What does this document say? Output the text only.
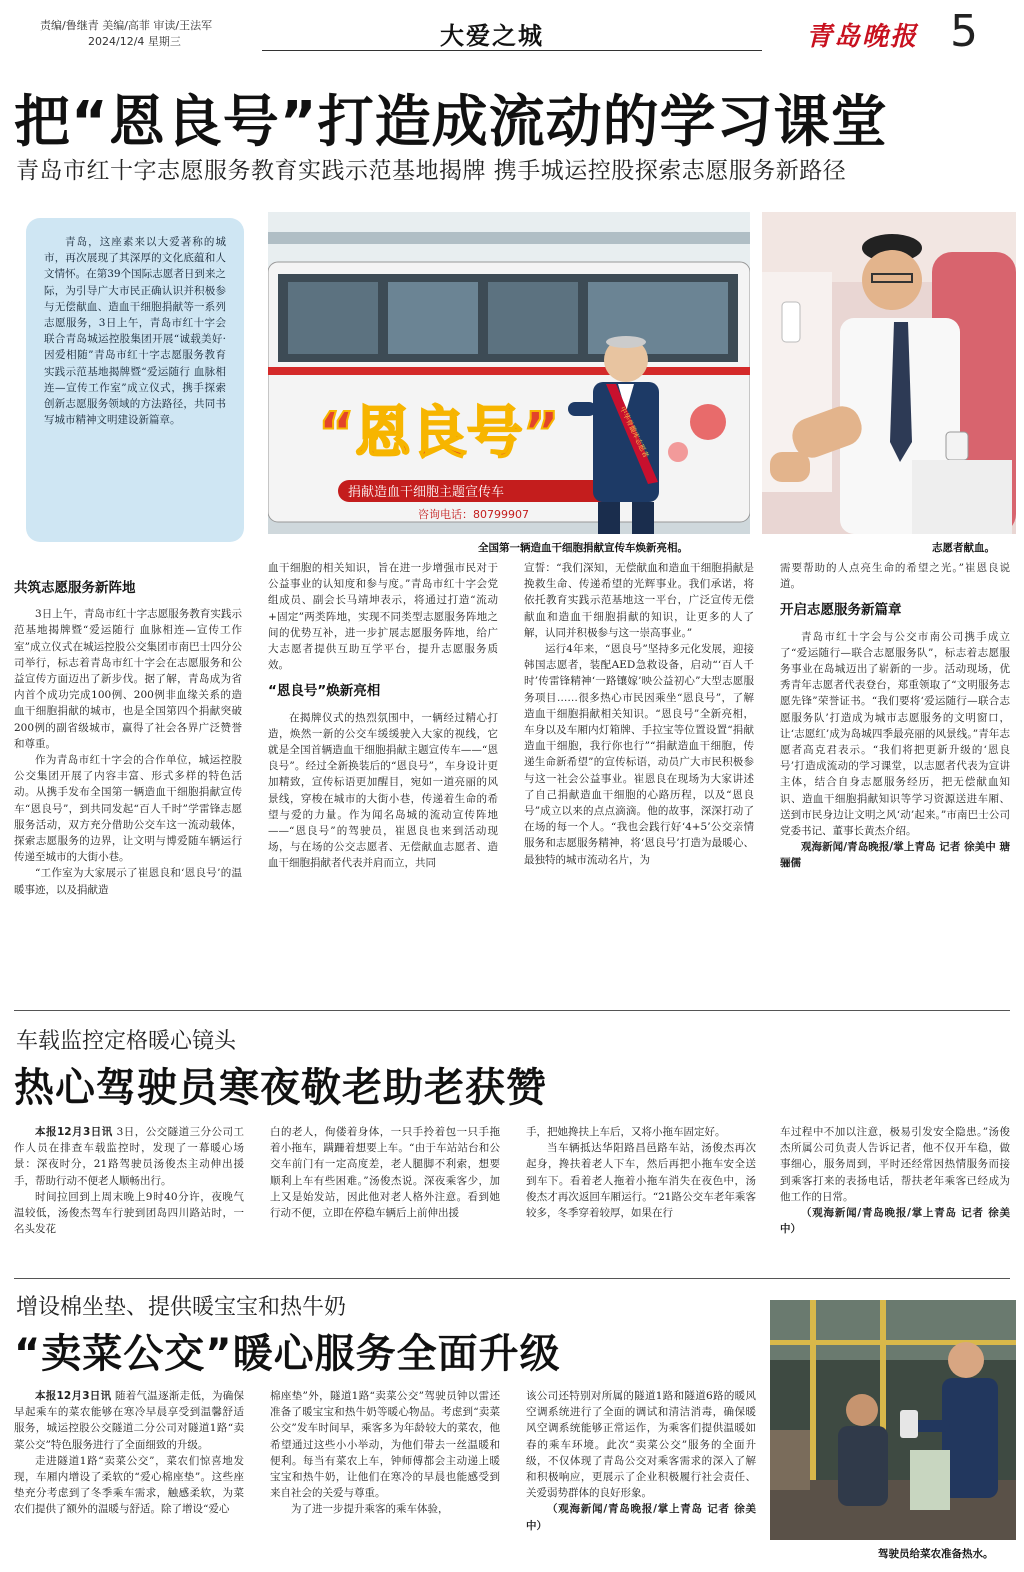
责编/鲁继青 美编/高菲 审读/王法军
2024/12/4 星期三	大爱之城	青岛晚报 5
把“恩良号”打造成流动的学习课堂
青岛市红十字志愿服务教育实践示范基地揭牌 携手城运控股探索志愿服务新路径
青岛，这座素来以大爱著称的城市，再次展现了其深厚的文化底蕴和人文情怀。在第39个国际志愿者日到来之际，为引导广大市民正确认识并积极参与无偿献血、造血干细胞捐献等一系列志愿服务，3日上午，青岛市红十字会联合青岛城运控股集团开展“诚载美好·因爱相随”青岛市红十字志愿服务教育实践示范基地揭牌暨“爱运随行 血脉相连—宣传工作室”成立仪式，携手探索创新志愿服务领域的方法路径，共同书写城市精神文明建设新篇章。
捐献造血干细胞主题宣传车
咨询电话：80799907
“恩良号”	中华骨髓库志愿者
全国第一辆造血干细胞捐献宣传车焕新亮相。	志愿者献血。
共筑志愿服务新阵地

3日上午，青岛市红十字志愿服务教育实践示范基地揭牌暨“爱运随行 血脉相连—宣传工作室”成立仪式在城运控股公交集团市南巴士四分公司举行，标志着青岛市红十字会在志愿服务和公益宣传方面迈出了新步伐。据了解，青岛成为省内首个成功完成100例、200例非血缘关系的造血干细胞捐献的城市，也是全国第四个捐献突破200例的副省级城市，赢得了社会各界广泛赞誉和尊重。

作为青岛市红十字会的合作单位，城运控股公交集团开展了内容丰富、形式多样的特色活动。从携手发布全国第一辆造血干细胞捐献宣传车“恩良号”，到共同发起“百人千时”学雷锋志愿服务活动，双方充分借助公交车这一流动载体，探索志愿服务的边界，让文明与博爱随车辆运行传递至城市的大街小巷。

“工作室为大家展示了崔恩良和‘恩良号’的温暖事迹，以及捐献造

血干细胞的相关知识，旨在进一步增强市民对于公益事业的认知度和参与度。”青岛市红十字会党组成员、副会长马靖坤表示，将通过打造“流动+固定”两类阵地，实现不同类型志愿服务阵地之间的优势互补，进一步扩展志愿服务阵地，给广大志愿者提供互助互学平台，提升志愿服务质效。

“恩良号”焕新亮相

在揭牌仪式的热烈氛围中，一辆经过精心打造，焕然一新的公交车缓缓驶入大家的视线，它就是全国首辆造血干细胞捐献主题宣传车——“恩良号”。经过全新换装后的“恩良号”，车身设计更加精致，宣传标语更加醒目，宛如一道亮丽的风景线，穿梭在城市的大街小巷，传递着生命的希望与爱的力量。作为闻名岛城的流动宣传阵地——“恩良号”的驾驶员，崔恩良也来到活动现场，与在场的公交志愿者、无偿献血志愿者、造血干细胞捐献者代表并肩而立，共同

宣誓：“我们深知，无偿献血和造血干细胞捐献是挽救生命、传递希望的光辉事业。我们承诺，将依托教育实践示范基地这一平台，广泛宣传无偿献血和造血干细胞捐献的知识，让更多的人了解，认同并积极参与这一崇高事业。”

运行4年来，“恩良号”坚持多元化发展，迎接韩国志愿者，装配AED急救设备，启动“‘百人千时’传雷锋精神‘一路镶嫁’映公益初心”大型志愿服务项目……很多热心市民因乘坐“恩良号”，了解造血干细胞捐献相关知识。“恩良号”全新亮相，车身以及车厢内灯箱牌、手拉宝等位置设置“捐献造血干细胞，我行你也行”“捐献造血干细胞，传递生命新希望”的宣传标语，动员广大市民积极参与这一社会公益事业。崔恩良在现场为大家讲述了自己捐献造血干细胞的心路历程，以及“恩良号”成立以来的点点滴滴。他的故事，深深打动了在场的每一个人。“我也会践行好‘4+5’公交亲情服务和志愿服务精神，将‘恩良号’打造为最暖心、最独特的城市流动名片，为

需要帮助的人点亮生命的希望之光。”崔恩良说道。

开启志愿服务新篇章

青岛市红十字会与公交市南公司携手成立了“爱运随行—联合志愿服务队”，标志着志愿服务事业在岛城迈出了崭新的一步。活动现场，优秀青年志愿者代表登台，郑重领取了“文明服务志愿先锋”荣誉证书。“我们要将‘爱运随行—联合志愿服务队’打造成为城市志愿服务的文明窗口，让‘志愿红’成为岛城四季最亮丽的风景线。”青年志愿者高克君表示。“我们将把更新升级的‘恩良号’打造成流动的学习课堂，以志愿者代表为宣讲主体，结合自身志愿服务经历，把无偿献血知识、造血干细胞捐献知识等学习资源送进车厢、送到市民身边让文明之风‘动’起来。”市南巴士公司党委书记、董事长黄杰介绍。

观海新闻/青岛晚报/掌上青岛 记者 徐美中 瑭骊儒

车载监控定格暖心镜头
热心驾驶员寒夜敬老助老获赞

本报12月3日讯 3日，公交隧道三分公司工作人员在排查车载监控时，发现了一幕暖心场景：深夜时分，21路驾驶员汤俊杰主动伸出援手，帮助行动不便老人顺畅出行。

时间拉回到上周末晚上9时40分许，夜晚气温较低，汤俊杰驾车行驶到团岛四川路站时，一名头发花

白的老人，佝偻着身体，一只手拎着包一只手拖着小拖车，蹒跚着想要上车。“由于车站站台和公交车前门有一定高度差，老人腿脚不利索，想要顺利上车有些困难。”汤俊杰说。深夜乘客少，加上又是始发站，因此他对老人格外注意。看到她行动不便，立即在停稳车辆后上前伸出援

手，把她搀扶上车后，又将小拖车固定好。

当车辆抵达华阳路昌邑路车站，汤俊杰再次起身，搀扶着老人下车，然后再把小拖车安全送到车下。看着老人拖着小拖车消失在夜色中，汤俊杰才再次返回车厢运行。“21路公交车老年乘客较多，冬季穿着较厚，如果在行

车过程中不加以注意，极易引发安全隐患。”汤俊杰所属公司负责人告诉记者，他不仅开车稳，做事细心，服务周到，平时还经常因热情服务而接到乘客打来的表扬电话，帮扶老年乘客已经成为他工作的日常。

（观海新闻/青岛晚报/掌上青岛 记者 徐美中）

增设棉坐垫、提供暖宝宝和热牛奶
“卖菜公交”暖心服务全面升级

本报12月3日讯 随着气温逐渐走低，为确保早起乘车的菜农能够在寒冷早晨享受到温馨舒适服务，城运控股公交隧道二分公司对隧道1路“卖菜公交”特色服务进行了全面细致的升级。

走进隧道1路“卖菜公交”，菜农们惊喜地发现，车厢内增设了柔软的“爱心棉座垫”。这些座垫充分考虑到了冬季乘车需求，触感柔软，为菜农们提供了额外的温暖与舒适。除了增设“爱心

棉座垫”外，隧道1路“卖菜公交”驾驶员钟以雷还准备了暖宝宝和热牛奶等暖心物品。考虑到“卖菜公交”发车时间早，乘客多为年龄较大的菜农，他希望通过这些小小举动，为他们带去一丝温暖和便利。每当有菜农上车，钟师傅都会主动递上暖宝宝和热牛奶，让他们在寒冷的早晨也能感受到来自社会的关爱与尊重。

为了进一步提升乘客的乘车体验，

该公司还特别对所属的隧道1路和隧道6路的暖风空调系统进行了全面的调试和清洁消毒，确保暖风空调系统能够正常运作，为乘客们提供温暖如春的乘车环境。此次“卖菜公交”服务的全面升级，不仅体现了青岛公交对乘客需求的深入了解和积极响应，更展示了企业积极履行社会责任、关爱弱势群体的良好形象。

（观海新闻/青岛晚报/掌上青岛 记者 徐美中）

驾驶员给菜农准备热水。
